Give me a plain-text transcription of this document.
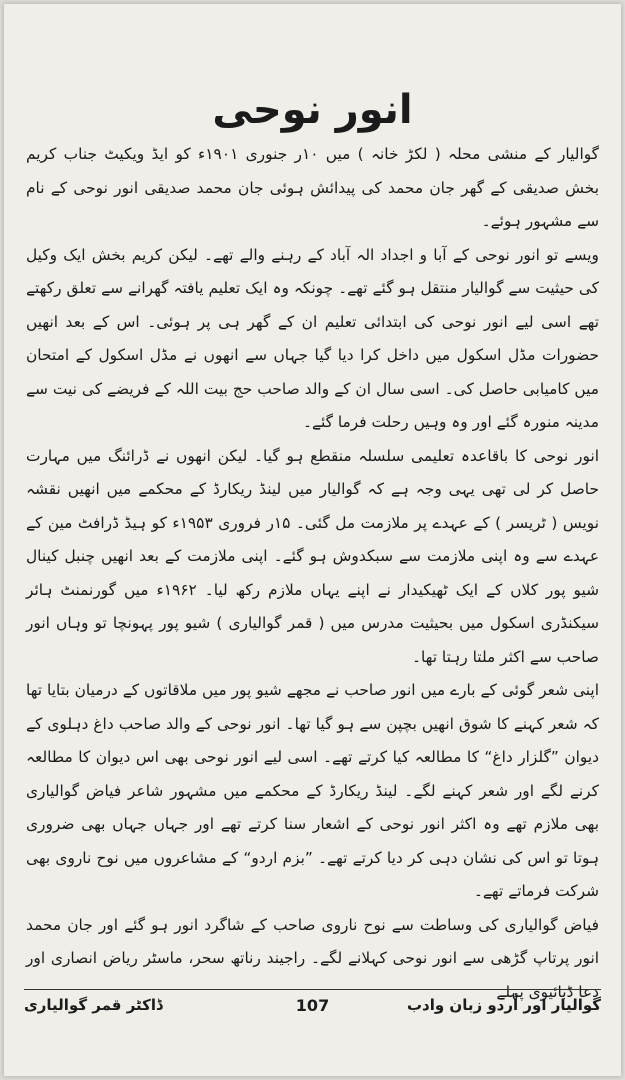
انور نوحی

گوالیار کے منشی محلہ ( لکڑ خانہ ) میں ۱۰ر جنوری ۱۹۰۱ء کو ایڈ ویکیٹ جناب کریم بخش صدیقی کے گھر جان محمد کی پیدائش ہوئی جان محمد صدیقی انور نوحی کے نام سے مشہور ہوئے۔

ویسے تو انور نوحی کے آبا و اجداد الہ آباد کے رہنے والے تھے۔ لیکن کریم بخش ایک وکیل کی حیثیت سے گوالیار منتقل ہو گئے تھے۔ چونکہ وہ ایک تعلیم یافتہ گھرانے سے تعلق رکھتے تھے اسی لیے انور نوحی کی ابتدائی تعلیم ان کے گھر ہی پر ہوئی۔ اس کے بعد انھیں حضورات مڈل اسکول میں داخل کرا دیا گیا جہاں سے انھوں نے مڈل اسکول کے امتحان میں کامیابی حاصل کی۔ اسی سال ان کے والد صاحب حج بیت اللہ کے فریضے کی نیت سے مدینہ منورہ گئے اور وہ وہیں رحلت فرما گئے۔

انور نوحی کا باقاعدہ تعلیمی سلسلہ منقطع ہو گیا۔ لیکن انھوں نے ڈرائنگ میں مہارت حاصل کر لی تھی یہی وجہ ہے کہ گوالیار میں لینڈ ریکارڈ کے محکمے میں انھیں نقشہ نویس ( ٹریسر ) کے عہدے پر ملازمت مل گئی۔ ۱۵ر فروری ۱۹۵۳ء کو ہیڈ ڈرافٹ مین کے عہدے سے وہ اپنی ملازمت سے سبکدوش ہو گئے۔ اپنی ملازمت کے بعد انھیں چنبل کینال شیو پور کلاں کے ایک ٹھیکیدار نے اپنے یہاں ملازم رکھ لیا۔ ۱۹۶۲ء میں گورنمنٹ ہائر سیکنڈری اسکول میں بحیثیت مدرس میں ( قمر گوالیاری ) شیو پور پہونچا تو وہاں انور صاحب سے اکثر ملتا رہتا تھا۔

اپنی شعر گوئی کے بارے میں انور صاحب نے مجھے شیو پور میں ملاقاتوں کے درمیان بتایا تھا کہ شعر کہنے کا شوق انھیں بچپن سے ہو گیا تھا۔ انور نوحی کے والد صاحب داغ دہلوی کے دیوان ”گلزار داغ“ کا مطالعہ کیا کرتے تھے۔ اسی لیے انور نوحی بھی اس دیوان کا مطالعہ کرنے لگے اور شعر کہنے لگے۔ لینڈ ریکارڈ کے محکمے میں مشہور شاعر فیاض گوالیاری بھی ملازم تھے وہ اکثر انور نوحی کے اشعار سنا کرتے تھے اور جہاں جہاں بھی ضروری ہوتا تو اس کی نشان دہی کر دیا کرتے تھے۔ ”بزم اردو“ کے مشاعروں میں نوح ناروی بھی شرکت فرماتے تھے۔

فیاض گوالیاری کی وساطت سے نوح ناروی صاحب کے شاگرد انور ہو گئے اور جان محمد انور پرتاپ گڑھی سے انور نوحی کہلانے لگے۔ راجیند رناتھ سحر، ماسٹر ریاض انصاری اور دعا ڈبائیوی پہلے

ڈاکٹر قمر گوالیاری	107	گوالیار اور اُردو زبان وادب
